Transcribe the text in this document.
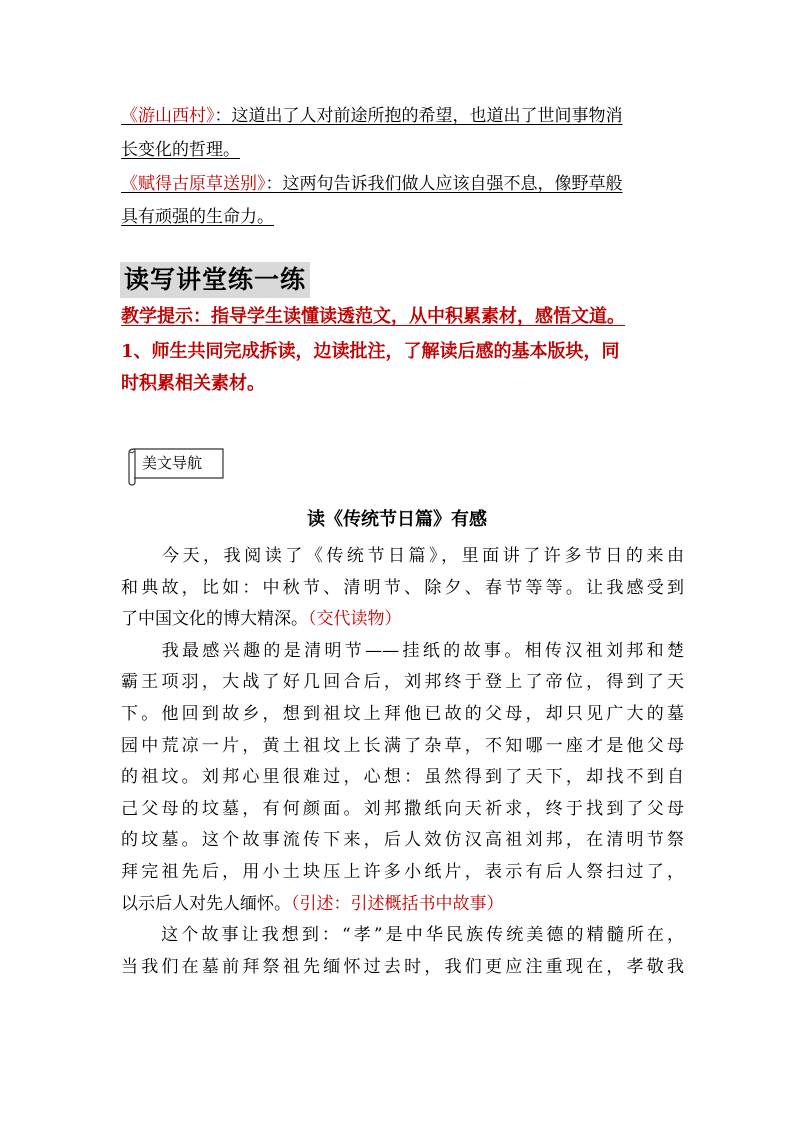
《游山西村》：这道出了人对前途所抱的希望，也道出了世间事物消
长变化的哲理。
《赋得古原草送别》：这两句告诉我们做人应该自强不息，像野草般
具有顽强的生命力。
读写讲堂练一练
教学提示：指导学生读懂读透范文，从中积累素材，感悟文道。
1、师生共同完成拆读，边读批注，了解读后感的基本版块，同
时积累相关素材。
美文导航
读《传统节日篇》有感
　　今天，我阅读了《传统节日篇》，里面讲了许多节日的来由
和典故，比如：中秋节、清明节、除夕、春节等等。让我感受到
了中国文化的博大精深。（交代读物）
　　我最感兴趣的是清明节——挂纸的故事。相传汉祖刘邦和楚
霸王项羽，大战了好几回合后，刘邦终于登上了帝位，得到了天
下。他回到故乡，想到祖坟上拜他已故的父母，却只见广大的墓
园中荒凉一片，黄土祖坟上长满了杂草，不知哪一座才是他父母
的祖坟。刘邦心里很难过，心想：虽然得到了天下，却找不到自
己父母的坟墓，有何颜面。刘邦撒纸向天祈求，终于找到了父母
的坟墓。这个故事流传下来，后人效仿汉高祖刘邦，在清明节祭
拜完祖先后，用小土块压上许多小纸片，表示有后人祭扫过了，
以示后人对先人缅怀。（引述：引述概括书中故事）
　　这个故事让我想到：“孝”是中华民族传统美德的精髓所在，
当我们在墓前拜祭祖先缅怀过去时，我们更应注重现在，孝敬我
